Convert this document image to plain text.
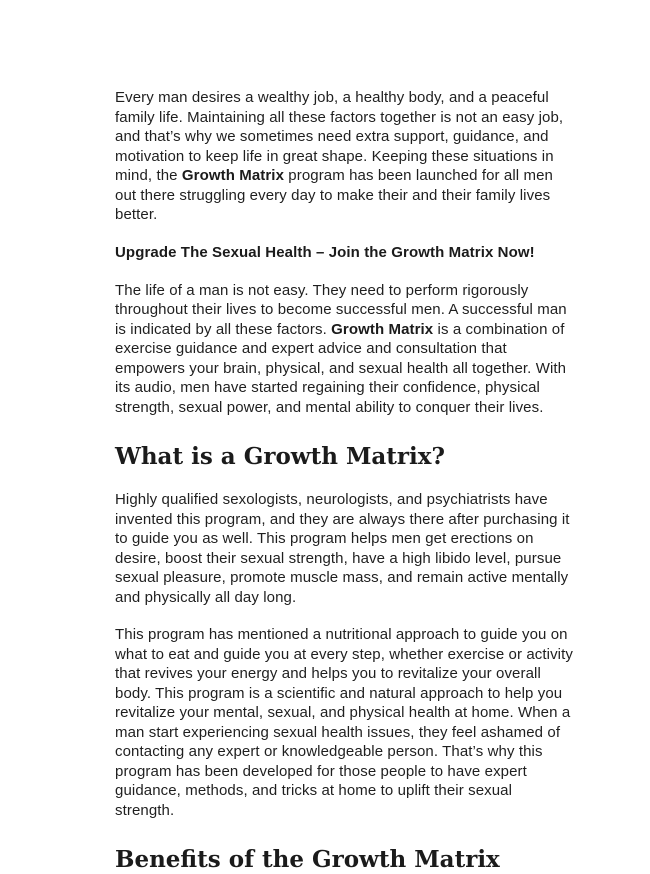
Every man desires a wealthy job, a healthy body, and a peaceful family life. Maintaining all these factors together is not an easy job, and that’s why we sometimes need extra support, guidance, and motivation to keep life in great shape. Keeping these situations in mind, the Growth Matrix program has been launched for all men out there struggling every day to make their and their family lives better.

Upgrade The Sexual Health – Join the Growth Matrix Now!

The life of a man is not easy. They need to perform rigorously throughout their lives to become successful men. A successful man is indicated by all these factors. Growth Matrix is a combination of exercise guidance and expert advice and consultation that empowers your brain, physical, and sexual health all together. With its audio, men have started regaining their confidence, physical strength, sexual power, and mental ability to conquer their lives.

What is a Growth Matrix?

Highly qualified sexologists, neurologists, and psychiatrists have invented this program, and they are always there after purchasing it to guide you as well. This program helps men get erections on desire, boost their sexual strength, have a high libido level, pursue sexual pleasure, promote muscle mass, and remain active mentally and physically all day long.

This program has mentioned a nutritional approach to guide you on what to eat and guide you at every step, whether exercise or activity that revives your energy and helps you to revitalize your overall body. This program is a scientific and natural approach to help you revitalize your mental, sexual, and physical health at home. When a man start experiencing sexual health issues, they feel ashamed of contacting any expert or knowledgeable person. That’s why this program has been developed for those people to have expert guidance, methods, and tricks at home to uplift their sexual strength.

Benefits of the Growth Matrix
